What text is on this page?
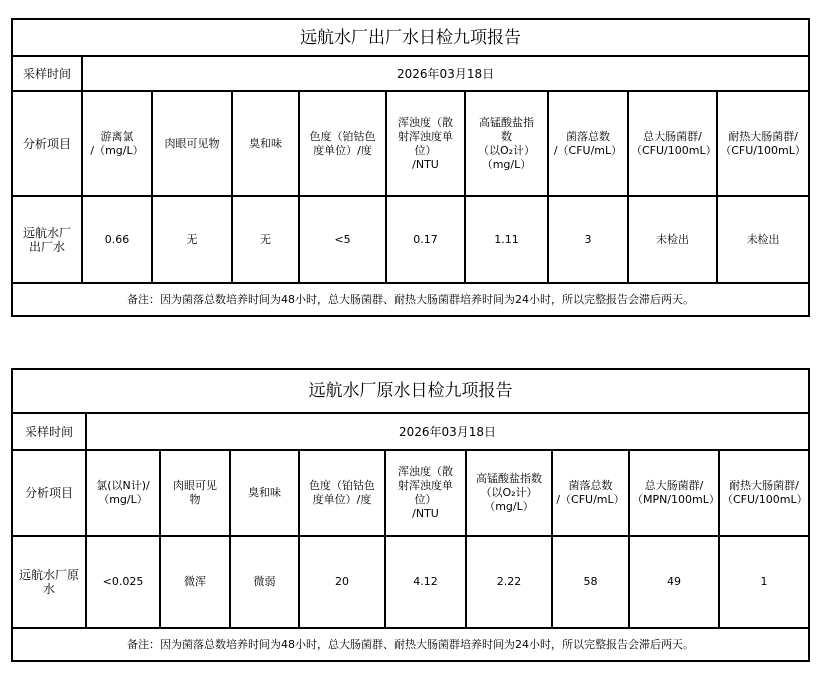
远航水厂出厂水日检九项报告									
采样时间	2026年03月18日								
分析项目	游离氯
/（mg/L）	肉眼可见物	臭和味	色度（铂钴色
度单位）/度	浑浊度（散
射浑浊度单
位）
/NTU	高锰酸盐指
数
（以O₂计）
（mg/L）	菌落总数
/（CFU/mL）	总大肠菌群/
（CFU/100mL）	耐热大肠菌群/
（CFU/100mL）

远航水厂
出厂水	0.66	无	无	<5	0.17	1.11	3	未检出	未检出
备注：因为菌落总数培养时间为48小时，总大肠菌群、耐热大肠菌群培养时间为24小时，所以完整报告会滞后两天。									
远航水厂原水日检九项报告									
采样时间	2026年03月18日								
分析项目	氯(以N计)/
（mg/L）	肉眼可见
物	臭和味	色度（铂钴色
度单位）/度	浑浊度（散
射浑浊度单
位）
/NTU	高锰酸盐指数
（以O₂计）
（mg/L）	菌落总数
/（CFU/mL）	总大肠菌群/
（MPN/100mL）	耐热大肠菌群/
（CFU/100mL）

远航水厂原
水	<0.025	微浑	微弱	20	4.12	2.22	58	49	1
备注：因为菌落总数培养时间为48小时，总大肠菌群、耐热大肠菌群培养时间为24小时，所以完整报告会滞后两天。									
